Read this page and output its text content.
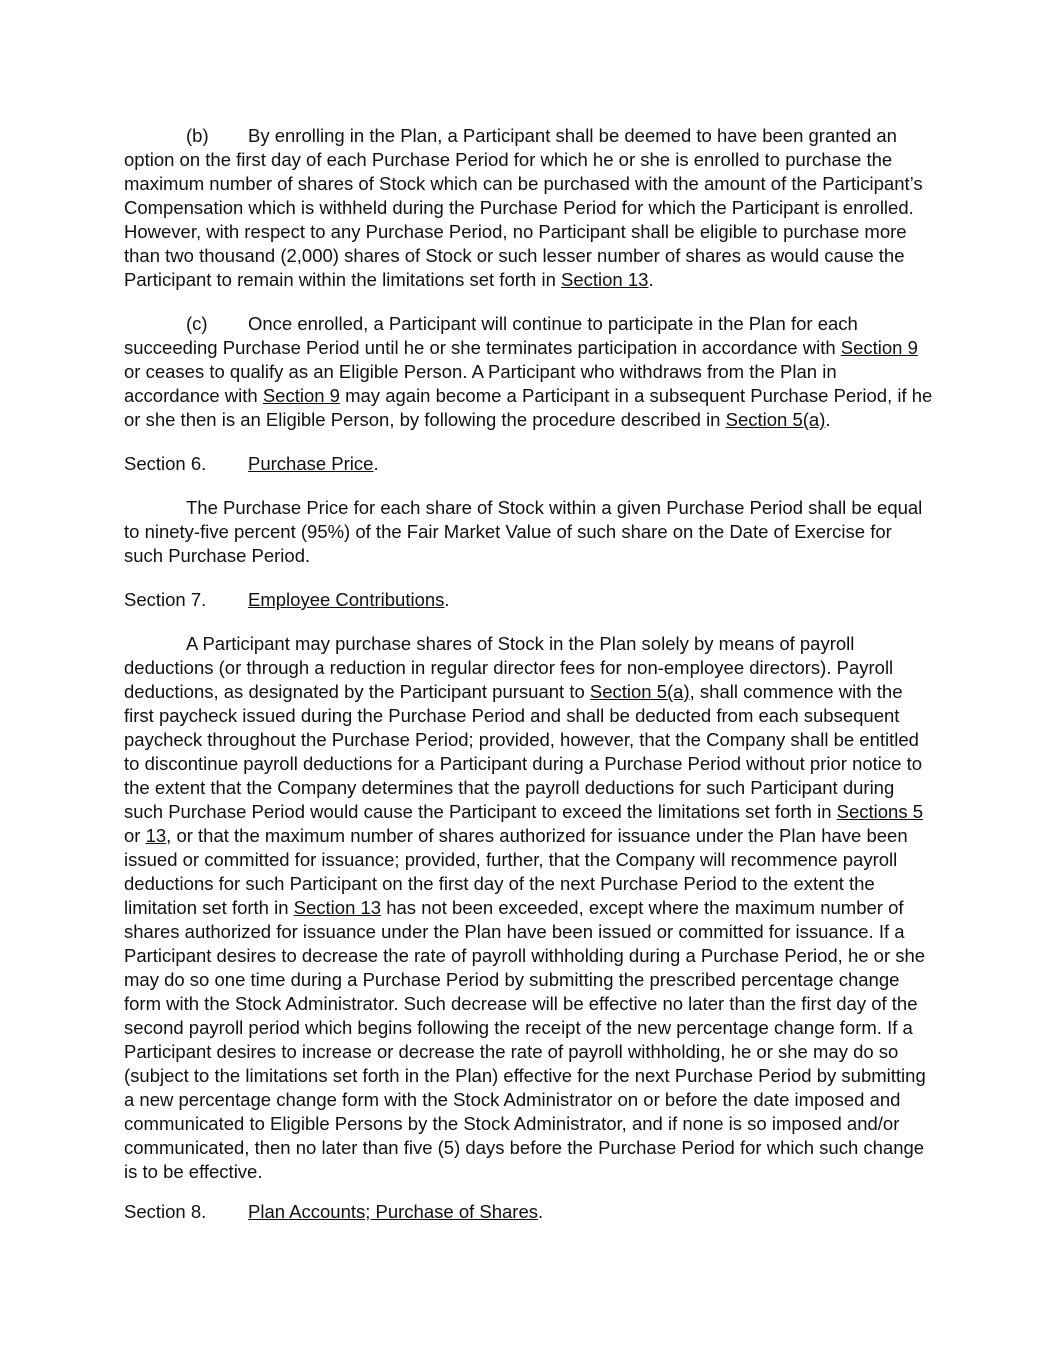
(b) By enrolling in the Plan, a Participant shall be deemed to have been granted an option on the first day of each Purchase Period for which he or she is enrolled to purchase the maximum number of shares of Stock which can be purchased with the amount of the Participant’s Compensation which is withheld during the Purchase Period for which the Participant is enrolled. However, with respect to any Purchase Period, no Participant shall be eligible to purchase more than two thousand (2,000) shares of Stock or such lesser number of shares as would cause the Participant to remain within the limitations set forth in Section 13.

(c) Once enrolled, a Participant will continue to participate in the Plan for each succeeding Purchase Period until he or she terminates participation in accordance with Section 9 or ceases to qualify as an Eligible Person. A Participant who withdraws from the Plan in accordance with Section 9 may again become a Participant in a subsequent Purchase Period, if he or she then is an Eligible Person, by following the procedure described in Section 5(a).

Section 6. Purchase Price.

The Purchase Price for each share of Stock within a given Purchase Period shall be equal to ninety-five percent (95%) of the Fair Market Value of such share on the Date of Exercise for such Purchase Period.

Section 7. Employee Contributions.

A Participant may purchase shares of Stock in the Plan solely by means of payroll deductions (or through a reduction in regular director fees for non-employee directors). Payroll deductions, as designated by the Participant pursuant to Section 5(a), shall commence with the first paycheck issued during the Purchase Period and shall be deducted from each subsequent paycheck throughout the Purchase Period; provided, however, that the Company shall be entitled to discontinue payroll deductions for a Participant during a Purchase Period without prior notice to the extent that the Company determines that the payroll deductions for such Participant during such Purchase Period would cause the Participant to exceed the limitations set forth in Sections 5 or 13, or that the maximum number of shares authorized for issuance under the Plan have been issued or committed for issuance; provided, further, that the Company will recommence payroll deductions for such Participant on the first day of the next Purchase Period to the extent the limitation set forth in Section 13 has not been exceeded, except where the maximum number of shares authorized for issuance under the Plan have been issued or committed for issuance. If a Participant desires to decrease the rate of payroll withholding during a Purchase Period, he or she may do so one time during a Purchase Period by submitting the prescribed percentage change form with the Stock Administrator. Such decrease will be effective no later than the first day of the second payroll period which begins following the receipt of the new percentage change form. If a Participant desires to increase or decrease the rate of payroll withholding, he or she may do so (subject to the limitations set forth in the Plan) effective for the next Purchase Period by submitting a new percentage change form with the Stock Administrator on or before the date imposed and communicated to Eligible Persons by the Stock Administrator, and if none is so imposed and/or communicated, then no later than five (5) days before the Purchase Period for which such change is to be effective.

Section 8. Plan Accounts; Purchase of Shares.
